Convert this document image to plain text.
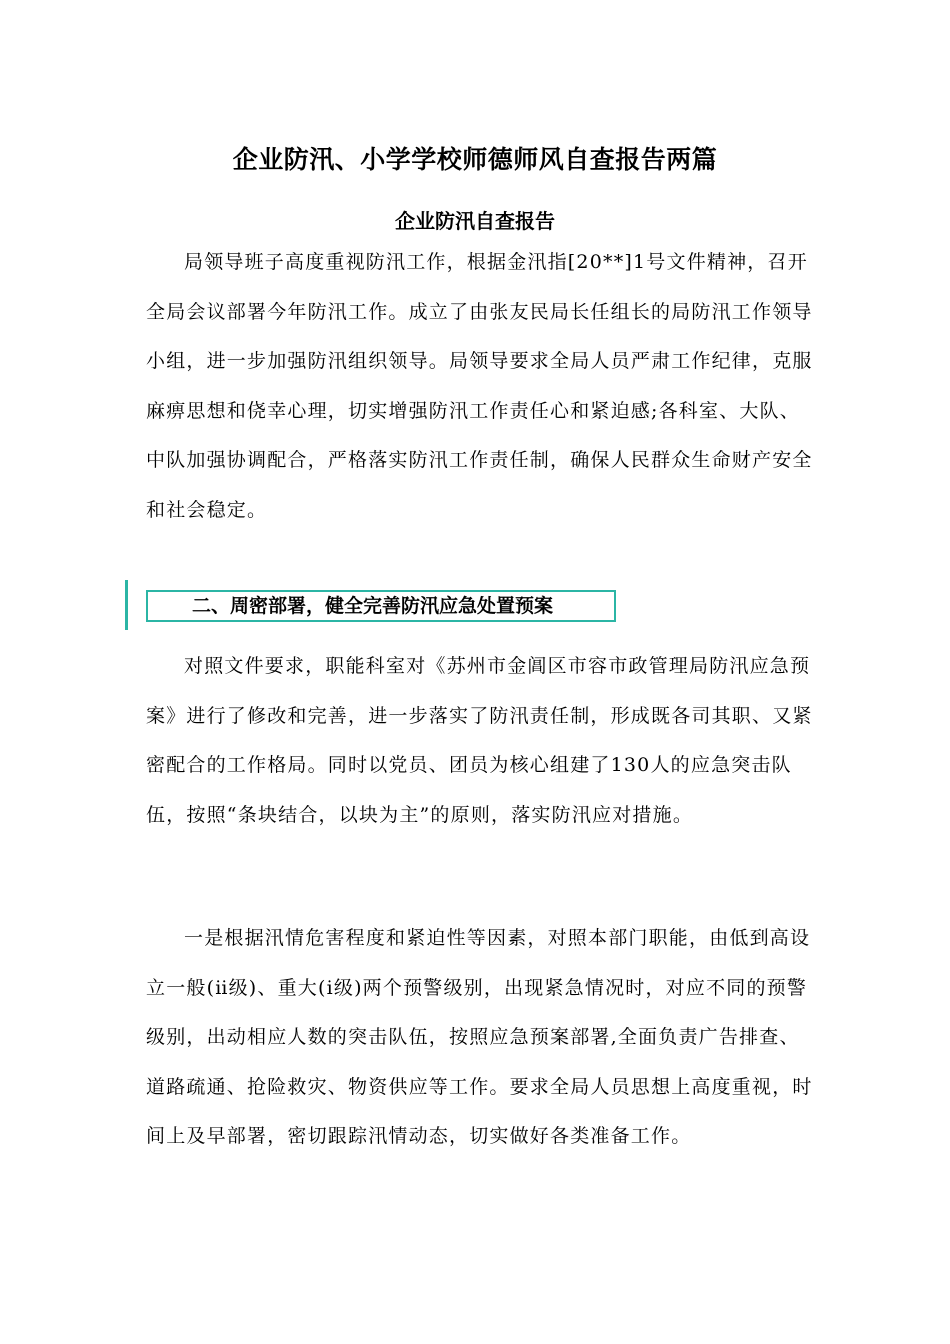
企业防汛、小学学校师德师风自查报告两篇
企业防汛自查报告

局领导班子高度重视防汛工作，根据金汛指[20**]1号文件精神，召开全局会议部署今年防汛工作。成立了由张友民局长任组长的局防汛工作领导小组，进一步加强防汛组织领导。局领导要求全局人员严肃工作纪律，克服麻痹思想和侥幸心理，切实增强防汛工作责任心和紧迫感;各科室、大队、中队加强协调配合，严格落实防汛工作责任制，确保人民群众生命财产安全和社会稳定。

二、周密部署，健全完善防汛应急处置预案

对照文件要求，职能科室对《苏州市金阊区市容市政管理局防汛应急预案》进行了修改和完善，进一步落实了防汛责任制，形成既各司其职、又紧密配合的工作格局。同时以党员、团员为核心组建了130人的应急突击队伍，按照“条块结合，以块为主”的原则，落实防汛应对措施。

一是根据汛情危害程度和紧迫性等因素，对照本部门职能，由低到高设立一般(ⅱ级)、重大(ⅰ级)两个预警级别，出现紧急情况时，对应不同的预警级别，出动相应人数的突击队伍，按照应急预案部署,全面负责广告排查、道路疏通、抢险救灾、物资供应等工作。要求全局人员思想上高度重视，时间上及早部署，密切跟踪汛情动态，切实做好各类准备工作。
